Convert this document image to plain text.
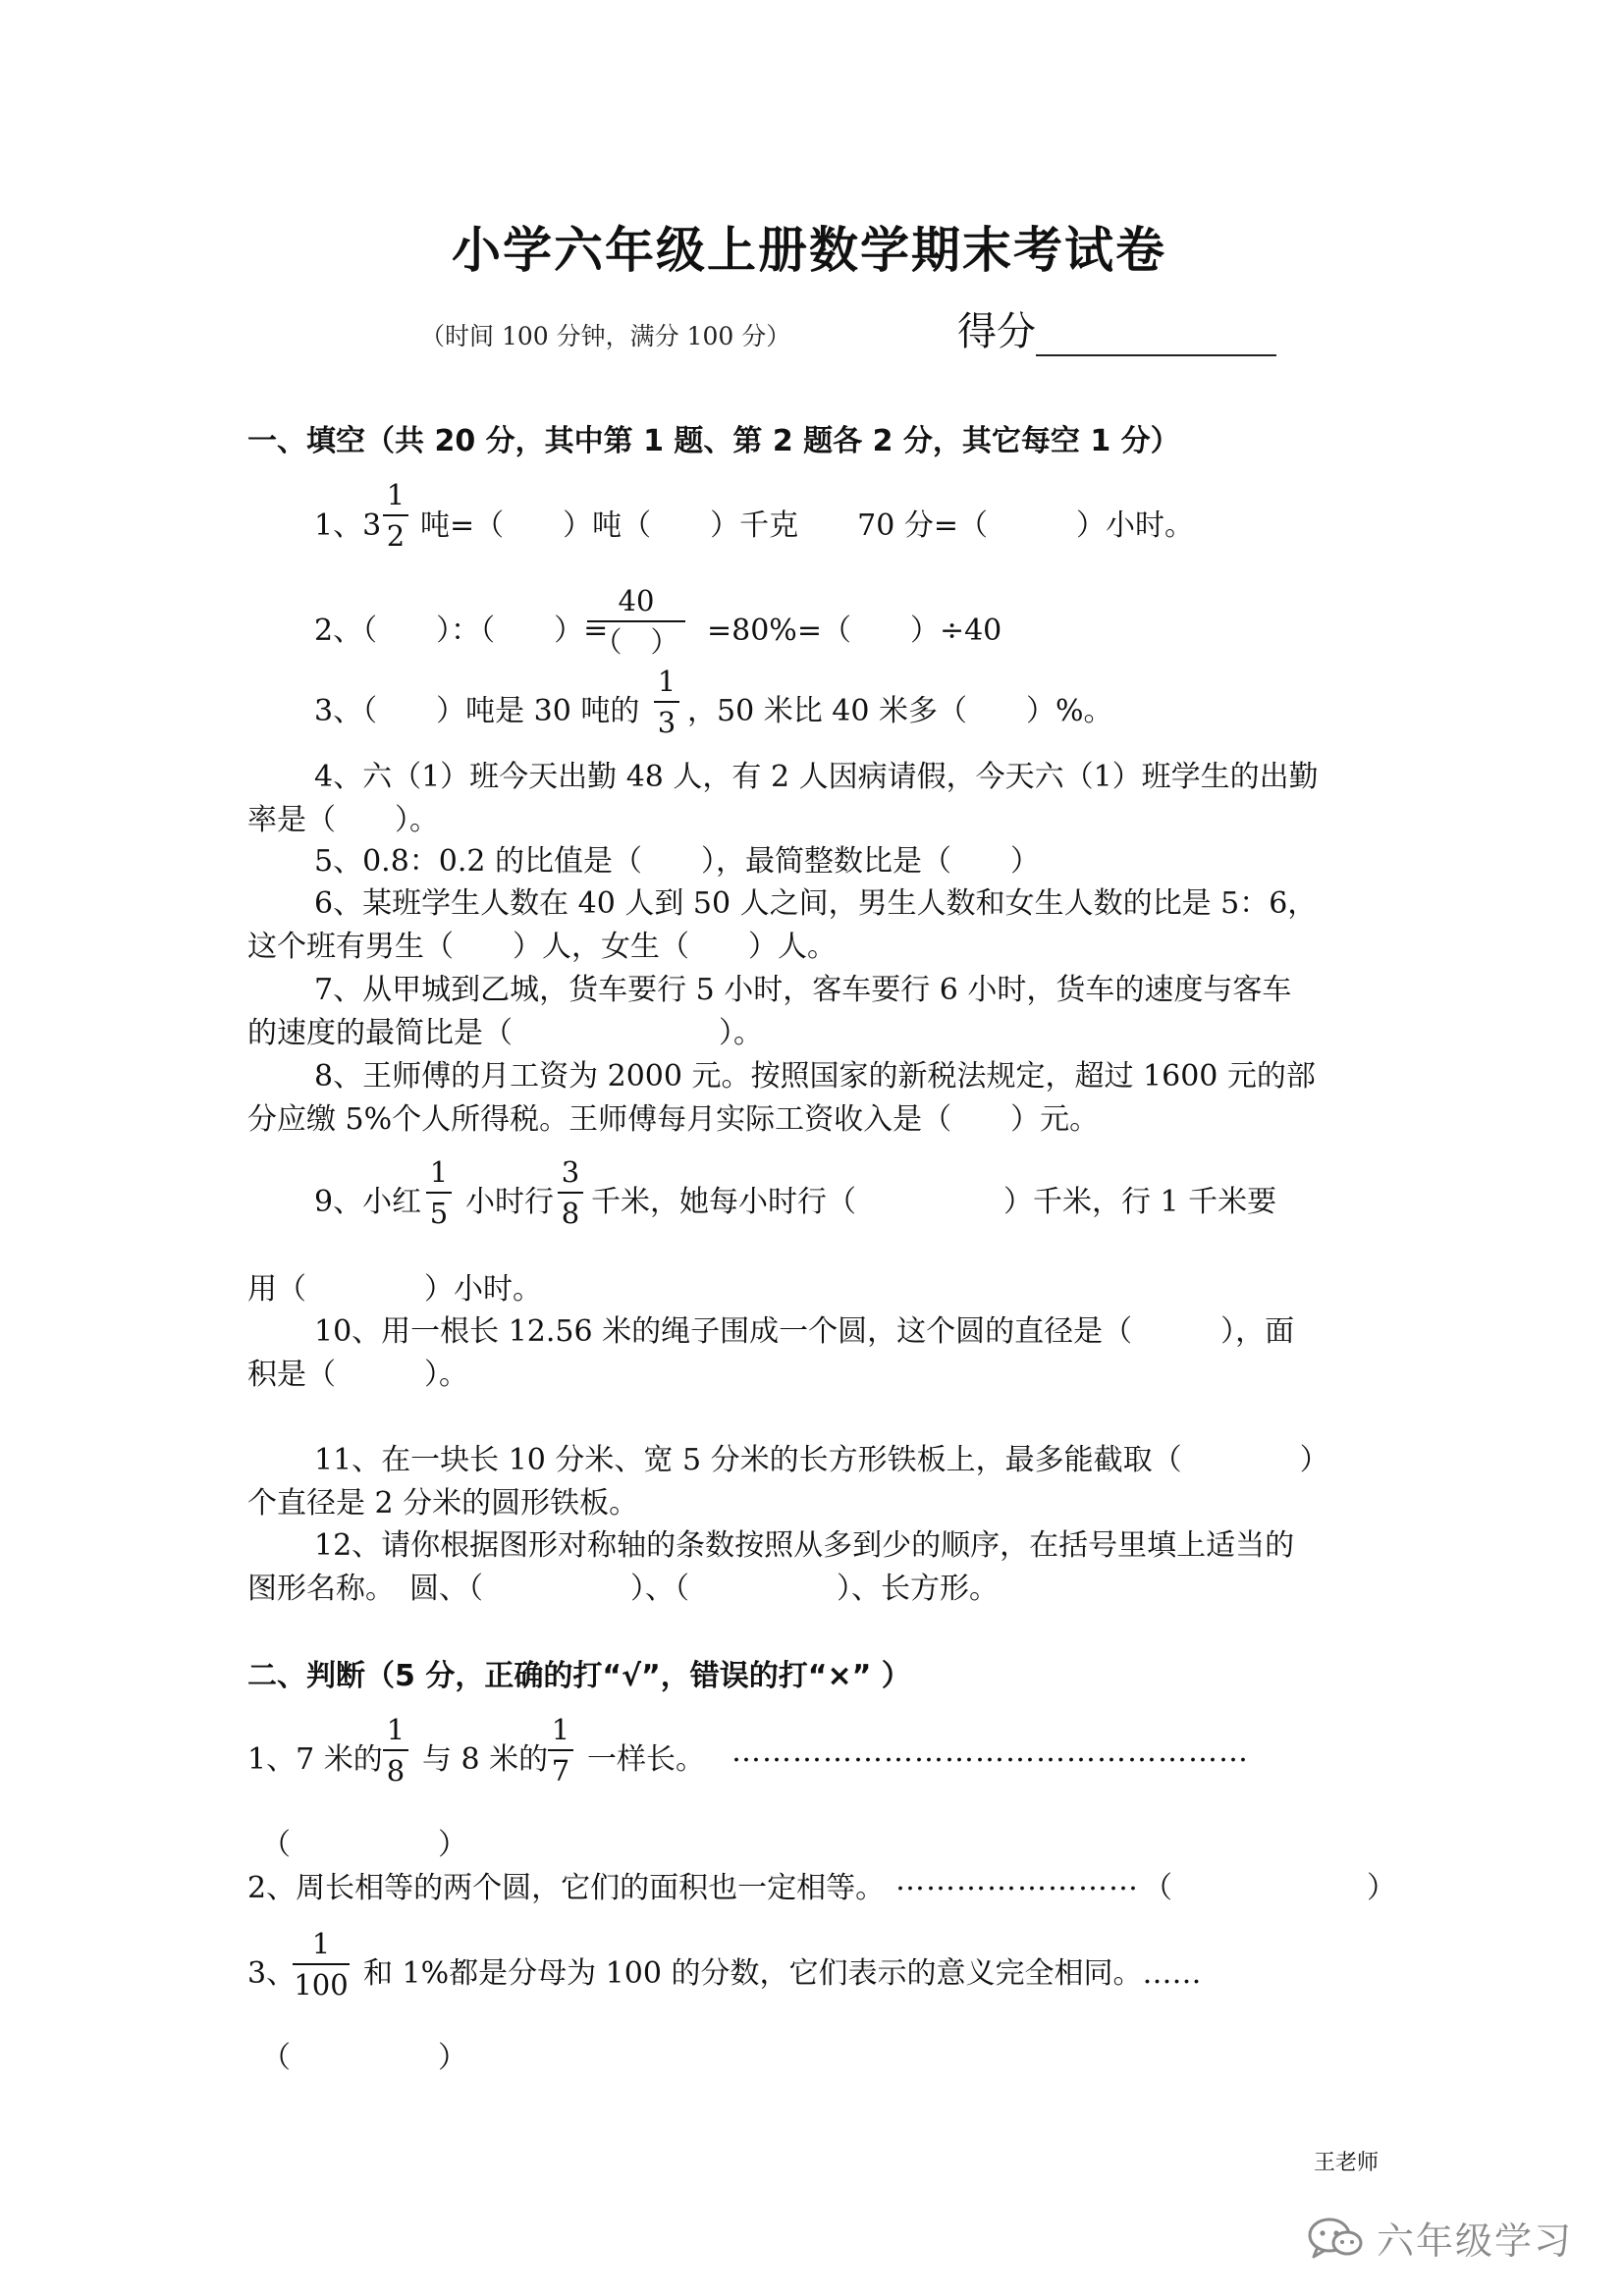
小学六年级上册数学期末考试卷
（时间 100 分钟，满分 100 分）	得分
一、填空（共 20 分，其中第 1 题、第 2 题各 2 分，其它每空 1 分）
1、3
1
2 吨=（　　）吨（　　）千克　　70 分=（　　　）小时。
2、（　　）：（　　）=
40
（　） =80%=（　　）÷40
3、（　　）吨是 30 吨的
1
3 ，50 米比 40 米多（　　）%。
4、六（1）班今天出勤 48 人，有 2 人因病请假，今天六（1）班学生的出勤
率是（　　）。
5、0.8：0.2 的比值是（　　），最简整数比是（　　）
6、某班学生人数在 40 人到 50 人之间，男生人数和女生人数的比是 5：6，
这个班有男生（　　）人，女生（　　）人。
7、从甲城到乙城，货车要行 5 小时，客车要行 6 小时，货车的速度与客车
的速度的最简比是（　　　　　　　）。
8、王师傅的月工资为 2000 元。按照国家的新税法规定，超过 1600 元的部
分应缴 5%个人所得税。王师傅每月实际工资收入是（　　）元。
9、小红
1
5 小时行
3
8 千米，她每小时行（　　　　　）千米，行 1 千米要
用（　　　　）小时。
10、用一根长 12.56 米的绳子围成一个圆，这个圆的直径是（　　　），面
积是（　　　）。
11、在一块长 10 分米、宽 5 分米的长方形铁板上，最多能截取（　　　　）
个直径是 2 分米的圆形铁板。
12、请你根据图形对称轴的条数按照从多到少的顺序，在括号里填上适当的
图形名称。　圆、（　　　　　）、（　　　　　）、长方形。
二、判断（5 分，正确的打“√”，错误的打“×” ）
1、7 米的
1
8 与 8 米的
1
7 一样长。 ……………………………………………
（　　　　　）
2、周长相等的两个圆，它们的面积也一定相等。 …………………… （	）
3、
1
100 和 1%都是分母为 100 的分数，它们表示的意义完全相同。……
（　　　　　）
王老师
六年级学习
